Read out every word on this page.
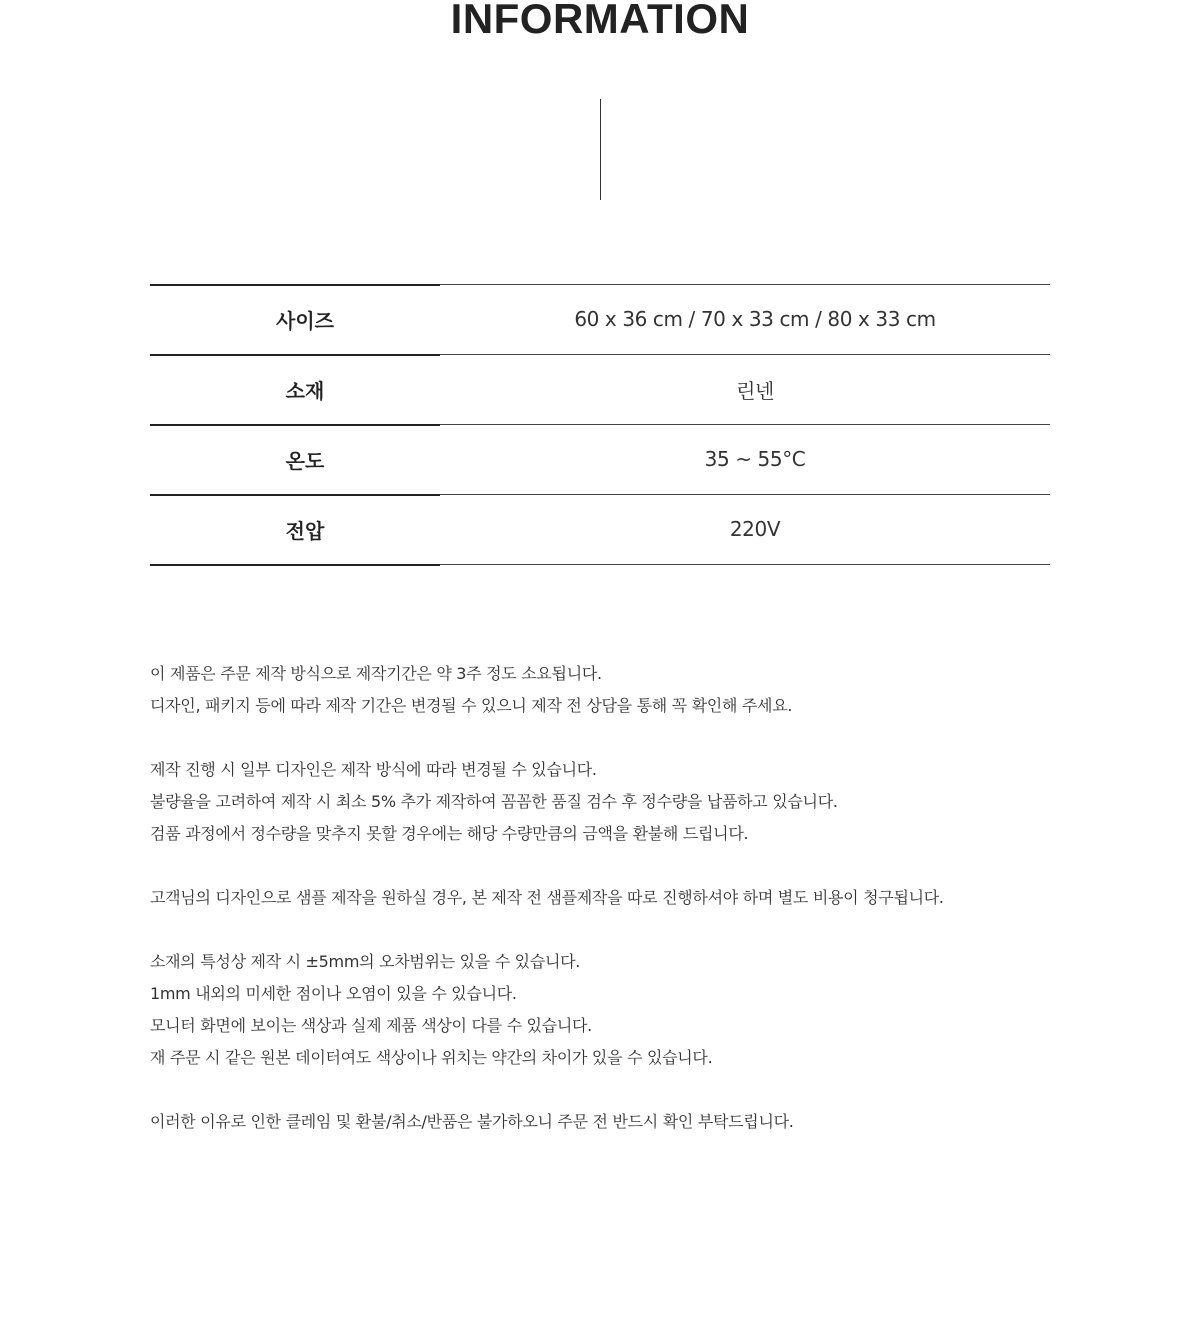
INFORMATION
사이즈	60 x 36 cm / 70 x 33 cm / 80 x 33 cm
소재	린넨
온도	35 ~ 55°C
전압	220V
이 제품은 주문 제작 방식으로 제작기간은 약 3주 정도 소요됩니다.
디자인, 패키지 등에 따라 제작 기간은 변경될 수 있으니 제작 전 상담을 통해 꼭 확인해 주세요.
제작 진행 시 일부 디자인은 제작 방식에 따라 변경될 수 있습니다.
불량율을 고려하여 제작 시 최소 5% 추가 제작하여 꼼꼼한 품질 검수 후 정수량을 납품하고 있습니다.
검품 과정에서 정수량을 맞추지 못할 경우에는 해당 수량만큼의 금액을 환불해 드립니다.
고객님의 디자인으로 샘플 제작을 원하실 경우, 본 제작 전 샘플제작을 따로 진행하셔야 하며 별도 비용이 청구됩니다.
소재의 특성상 제작 시 ±5mm의 오차범위는 있을 수 있습니다.
1mm 내외의 미세한 점이나 오염이 있을 수 있습니다.
모니터 화면에 보이는 색상과 실제 제품 색상이 다를 수 있습니다.
재 주문 시 같은 원본 데이터여도 색상이나 위치는 약간의 차이가 있을 수 있습니다.
이러한 이유로 인한 클레임 및 환불/취소/반품은 불가하오니 주문 전 반드시 확인 부탁드립니다.
